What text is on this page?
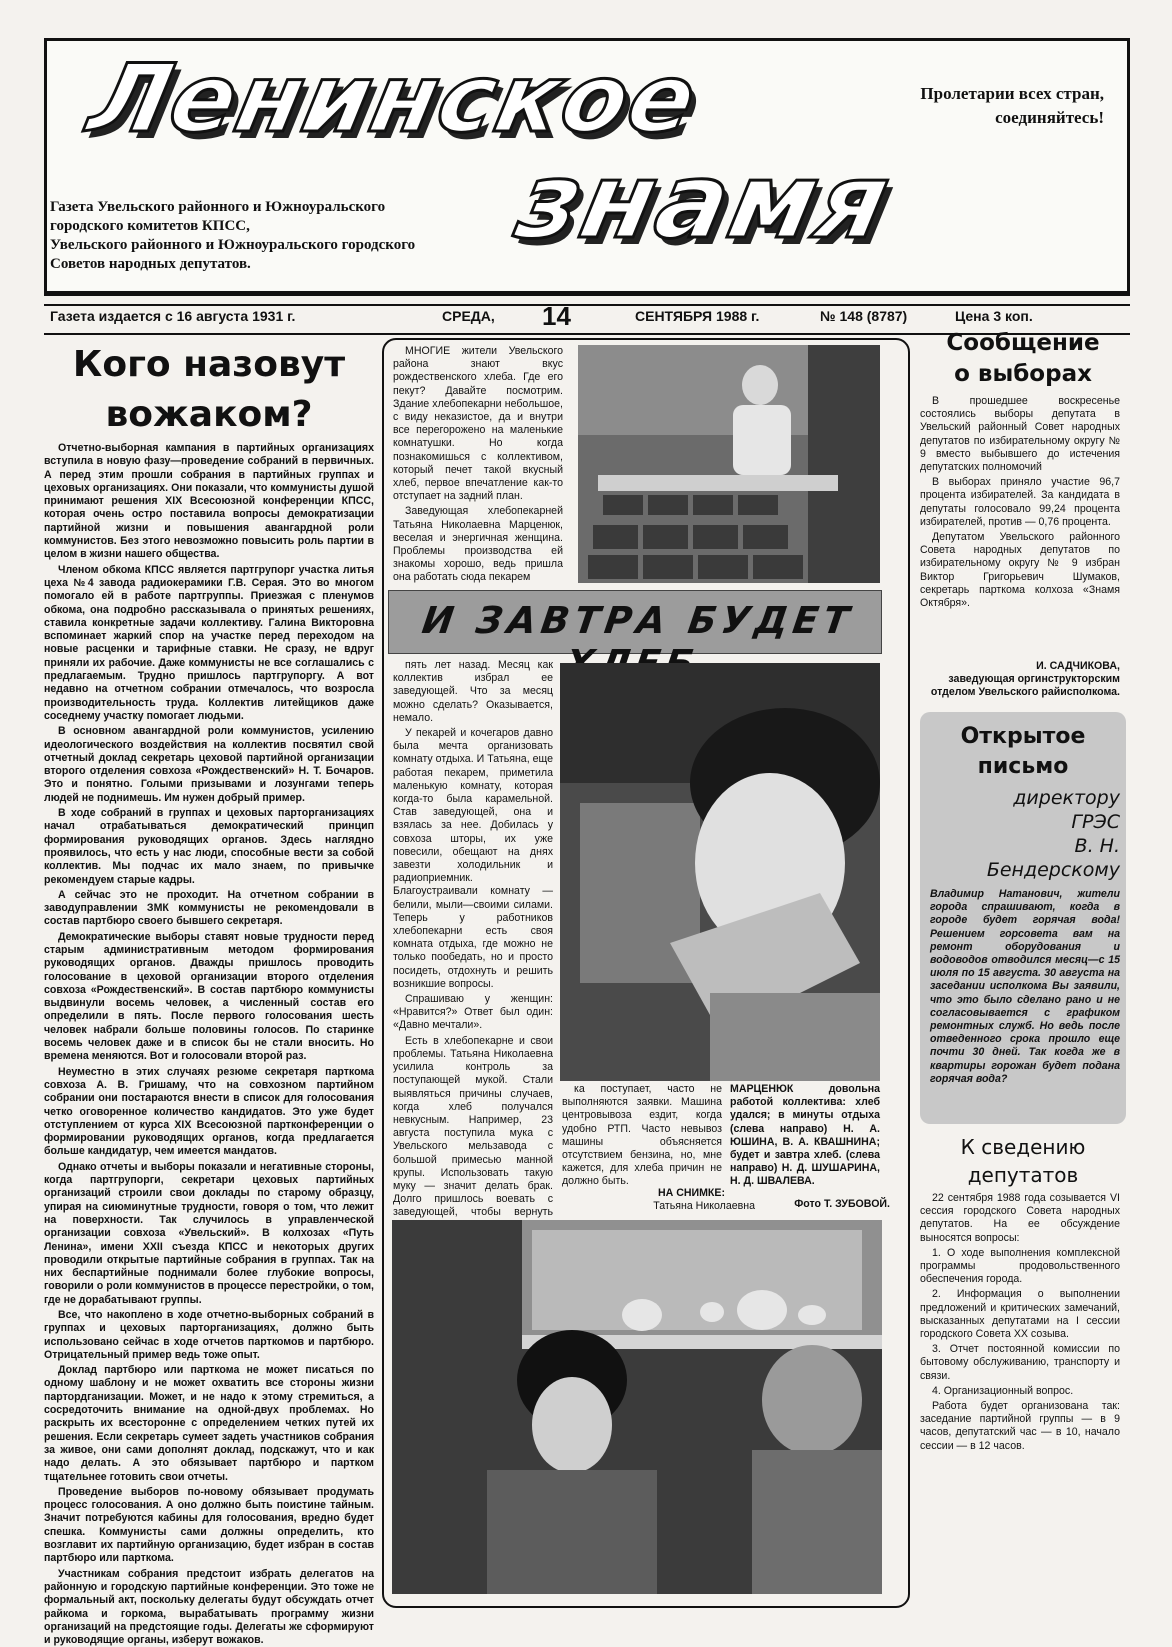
Ленинское
знамя
Пролетарии всех стран,
соединяйтесь!
Газета Увельского районного и Южноуральского
городского комитетов КПСС,
Увельского районного и Южноуральского городского
Советов народных депутатов.
Газета издается с 16 августа 1931 г.	СРЕДА, 14	СЕНТЯБРЯ 1988 г.	№ 148 (8787)	Цена 3 коп.
Кого назовут
вожаком?

Отчетно-выборная кампания в партийных организациях вступила в новую фазу—проведение собраний в первичных. А перед этим прошли собрания в партийных группах и цеховых организациях. Они показали, что коммунисты душой принимают решения XIX Всесоюзной конференции КПСС, которая очень остро поставила вопросы демократизации партийной жизни и повышения авангардной роли коммунистов. Без этого невозможно повысить роль партии в целом в жизни нашего общества.

Членом обкома КПСС является партгрупорг участка литья цеха №4 завода радиокерамики Г.В. Серая. Это во многом помогало ей в работе партгруппы. Приезжая с пленумов обкома, она подробно рассказывала о принятых решениях, ставила конкретные задачи коллективу. Галина Викторовна вспоминает жаркий спор на участке перед переходом на новые расценки и тарифные ставки. Не сразу, не вдруг приняли их рабочие. Даже коммунисты не все соглашались с предлагаемым. Трудно пришлось партгрупоргу. А вот недавно на отчетном собрании отмечалось, что возросла производительность труда. Коллектив литейщиков даже соседнему участку помогает людьми.

В основном авангардной роли коммунистов, усилению идеологического воздействия на коллектив посвятил свой отчетный доклад секретарь цеховой партийной организации второго отделения совхоза «Рождественский» Н. Т. Бочаров. Это и понятно. Голыми призывами и лозунгами теперь людей не поднимешь. Им нужен добрый пример.

В ходе собраний в группах и цеховых парторганизациях начал отрабатываться демократический принцип формирования руководящих органов. Здесь наглядно проявилось, что есть у нас люди, способные вести за собой коллектив. Мы подчас их мало знаем, по привычке рекомендуем старые кадры.

А сейчас это не проходит. На отчетном собрании в заводуправлении ЗМК коммунисты не рекомендовали в состав партбюро своего бывшего секретаря.

Демократические выборы ставят новые трудности перед старым административным методом формирования руководящих органов. Дважды пришлось проводить голосование в цеховой организации второго отделения совхоза «Рождественский». В состав партбюро коммунисты выдвинули восемь человек, а численный состав его определили в пять. После первого голосования шесть человек набрали больше половины голосов. По старинке восемь человек даже и в список бы не стали вносить. Но времена меняются. Вот и голосовали второй раз.

Неуместно в этих случаях резюме секретаря парткома совхоза А. В. Гришаму, что на совхозном партийном собрании они постараются внести в список для голосования четко оговоренное количество кандидатов. Это уже будет отступлением от курса XIX Всесоюзной партконференции о формировании руководящих органов, когда предлагается больше кандидатур, чем имеется мандатов.

Однако отчеты и выборы показали и негативные стороны, когда партгрупорги, секретари цеховых партийных организаций строили свои доклады по старому образцу, упирая на сиюминутные трудности, говоря о том, что лежит на поверхности. Так случилось в управленческой организации совхоза «Увельский». В колхозах «Путь Ленина», имени XXII съезда КПСС и некоторых других проводили открытые партийные собрания в группах. Так на них беспартийные поднимали более глубокие вопросы, говорили о роли коммунистов в процессе перестройки, о том, где не дорабатывают группы.

Все, что накоплено в ходе отчетно-выборных собраний в группах и цеховых парторганизациях, должно быть использовано сейчас в ходе отчетов парткомов и партбюро. Отрицательный пример ведь тоже опыт.

Доклад партбюро или парткома не может писаться по одному шаблону и не может охватить все стороны жизни партордганизации. Может, и не надо к этому стремиться, а сосредоточить внимание на одной-двух проблемах. Но раскрыть их всесторонне с определением четких путей их решения. Если секретарь сумеет задеть участников собрания за живое, они сами дополнят доклад, подскажут, что и как надо делать. А это обязывает партбюро и партком тщательнее готовить свои отчеты.

Проведение выборов по-новому обязывает продумать процесс голосования. А оно должно быть поистине тайным. Значит потребуются кабины для голосования, вредно будет спешка. Коммунисты сами должны определить, кто возглавит их партийную организацию, будет избран в состав партбюро или парткома.

Участникам собрания предстоит избрать делегатов на районную и городскую партийные конференции. Это тоже не формальный акт, поскольку делегаты будут обсуждать отчет райкома и горкома, вырабатывать программу жизни организаций на предстоящие годы. Делегаты же сформируют и руководящие органы, изберут вожаков.

МНОГИЕ жители Увельского района знают вкус рождественского хлеба. Где его пекут? Давайте посмотрим. Здание хлебопекарни небольшое, с виду неказистое, да и внутри все перегорожено на маленькие комнатушки. Но когда познакомишься с коллективом, который печет такой вкусный хлеб, первое впечатление как-то отступает на задний план.

Заведующая хлебопекарней Татьяна Николаевна Марценюк, веселая и энергичная женщина. Проблемы производства ей знакомы хорошо, ведь пришла она работать сюда пекарем

И ЗАВТРА БУДЕТ

пять лет назад. Месяц как коллектив избрал ее заведующей. Что за месяц можно сделать? Оказывается, немало.

У пекарей и кочегаров давно была мечта организовать комнату отдыха. И Татьяна, еще работая пекарем, приметила маленькую комнату, которая когда-то была карамельной. Став заведующей, она и взялась за нее. Добилась у совхоза шторы, их уже повесили, обещают на днях завезти холодильник и радиоприемник. Благоустраивали комнату — белили, мыли—своими силами. Теперь у работников хлебопекарни есть своя комната отдыха, где можно не только пообедать, но и просто посидеть, отдохнуть и решить возникшие вопросы.

Спрашиваю у женщин: «Нравится?» Ответ был один: «Давно мечтали».

Есть в хлебопекарне и свои проблемы. Татьяна Николаевна усилила контроль за поступающей мукой. Стали выявляться причины случаев, когда хлеб получался невкусным. Например, 23 августа поступила мука с Увельского мельзавода с большой примесью манной крупы. Использовать такую муку — значит делать брак. Долго пришлось воевать с заведующей, чтобы вернуть

ка поступает, часто не выполняются заявки. Машина центровывоза ездит, когда удобно РТП. Часто невывоз машины объясняется отсутствием бензина, но, мне кажется, для хлеба причин не должно быть.

НА СНИМКЕ:
Татьяна Николаевна
МАРЦЕНЮК довольна работой коллектива: хлеб удался; в минуты отдыха (слева направо) Н. А. ЮШИНА, В. А. КВАШНИНА; будет и завтра хлеб. (слева направо) Н. Д. ШУШАРИНА, Н. Д. ШВАЛЕВА.
Фото Т. ЗУБОВОЙ.
Сообщение
о выборах

В прошедшее воскресенье состоялись выборы депутата в Увельский районный Совет народных депутатов по избирательному округу № 9 вместо выбывшего до истечения депутатских полномочий

В выборах приняло участие 96,7 процента избирателей. За кандидата в депутаты голосовало 99,24 процента избирателей, против — 0,76 процента.

Депутатом Увельского районного Совета народных депутатов по избирательному округу № 9 избран Виктор Григорьевич Шумаков, секретарь парткома колхоза «Знамя Октября».

И. САДЧИКОВА,
заведующая оргинструкторским отделом Увельского райисполкома.
Открытое
письмо
директору
ГРЭС
В. Н.
Бендерскому
Владимир Натанович, жители города спрашивают, когда в городе будет горячая вода! Решением горсовета вам на ремонт оборудования и водоводов отводился месяц—с 15 июля по 15 августа. 30 августа на заседании исполкома Вы заявили, что это было сделано рано и не согласовывается с графиком ремонтных служб. Но ведь после отведенного срока прошло еще почти 30 дней. Так когда же в квартиры горожан будет подана горячая вода?
К сведению
депутатов

22 сентября 1988 года созывается VI сессия городского Совета народных депутатов. На ее обсуждение выносятся вопросы:

1. О ходе выполнения комплексной программы продовольственного обеспечения города.

2. Информация о выполнении предложений и критических замечаний, высказанных депутатами на I сессии городского Совета XX созыва.

3. Отчет постоянной комиссии по бытовому обслуживанию, транспорту и связи.

4. Организационный вопрос.

Работа будет организована так: заседание партийной группы — в 9 часов, депутатский час — в 10, начало сессии — в 12 часов.
